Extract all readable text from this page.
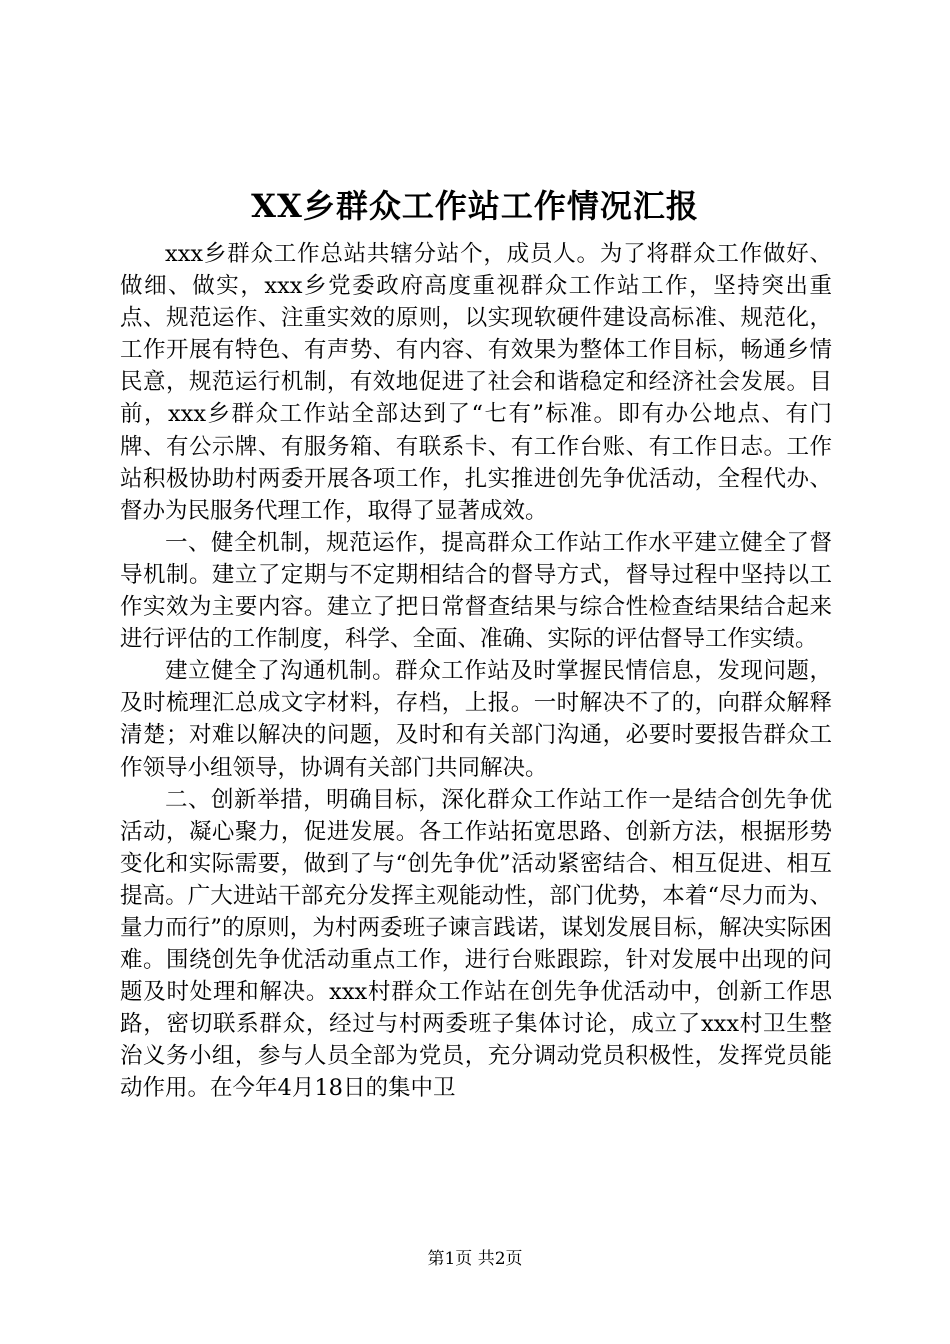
XX乡群众工作站工作情况汇报

xxx乡群众工作总站共辖分站个，成员人。为了将群众工作做好、做细、做实，xxx乡党委政府高度重视群众工作站工作，坚持突出重点、规范运作、注重实效的原则，以实现软硬件建设高标准、规范化，工作开展有特色、有声势、有内容、有效果为整体工作目标，畅通乡情民意，规范运行机制，有效地促进了社会和谐稳定和经济社会发展。目前，xxx乡群众工作站全部达到了“七有”标准。即有办公地点、有门牌、有公示牌、有服务箱、有联系卡、有工作台账、有工作日志。工作站积极协助村两委开展各项工作，扎实推进创先争优活动，全程代办、督办为民服务代理工作，取得了显著成效。

一、健全机制，规范运作，提高群众工作站工作水平建立健全了督导机制。建立了定期与不定期相结合的督导方式，督导过程中坚持以工作实效为主要内容。建立了把日常督查结果与综合性检查结果结合起来进行评估的工作制度，科学、全面、准确、实际的评估督导工作实绩。

建立健全了沟通机制。群众工作站及时掌握民情信息，发现问题，及时梳理汇总成文字材料，存档，上报。一时解决不了的，向群众解释清楚；对难以解决的问题，及时和有关部门沟通，必要时要报告群众工作领导小组领导，协调有关部门共同解决。

二、创新举措，明确目标，深化群众工作站工作一是结合创先争优活动，凝心聚力，促进发展。各工作站拓宽思路、创新方法，根据形势变化和实际需要，做到了与“创先争优”活动紧密结合、相互促进、相互提高。广大进站干部充分发挥主观能动性，部门优势，本着“尽力而为、量力而行”的原则，为村两委班子谏言践诺，谋划发展目标，解决实际困难。围绕创先争优活动重点工作，进行台账跟踪，针对发展中出现的问题及时处理和解决。xxx村群众工作站在创先争优活动中，创新工作思路，密切联系群众，经过与村两委班子集体讨论，成立了xxx村卫生整治义务小组，参与人员全部为党员，充分调动党员积极性，发挥党员能动作用。在今年4月18日的集中卫

第1页 共2页
